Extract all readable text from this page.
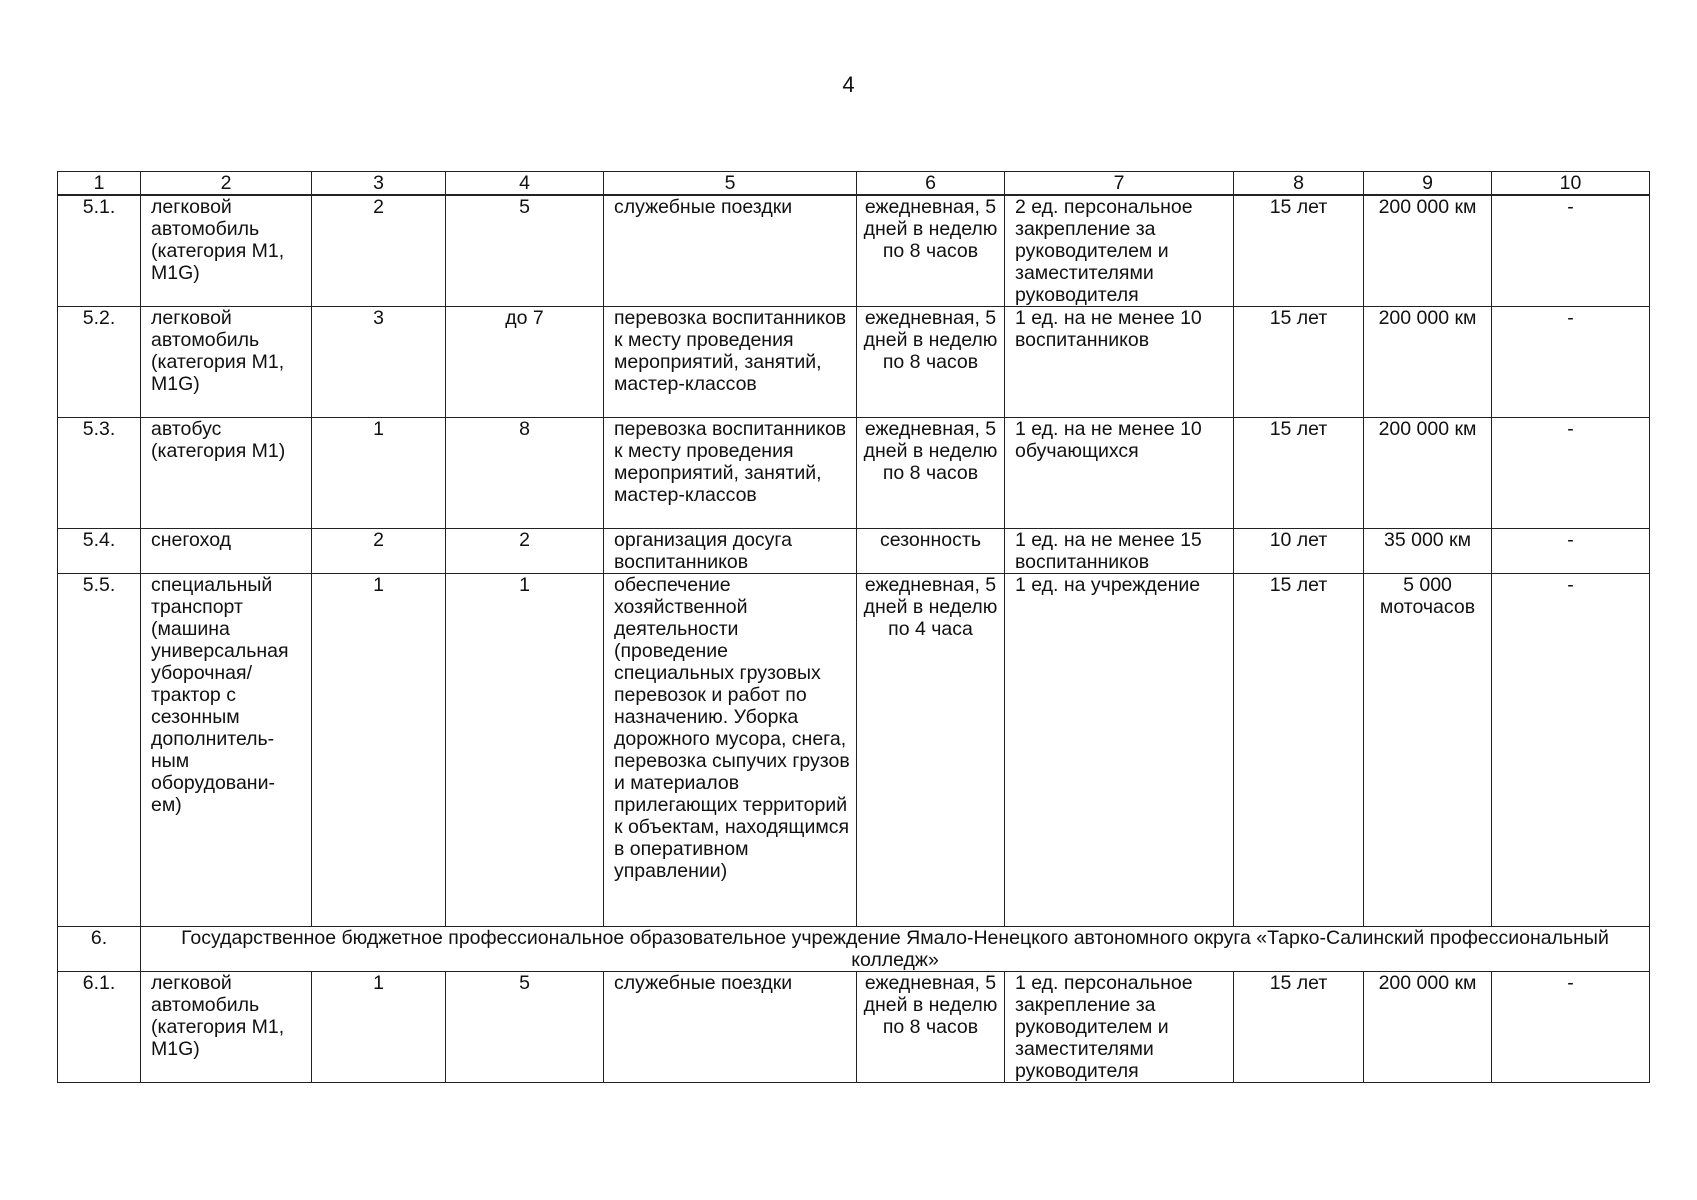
4
1	2	3	4	5	6	7	8	9	10
5.1.	легковой автомобиль (категория M1, M1G)	2	5	служебные поездки	ежедневная, 5 дней в неделю по 8 часов	2 ед. персональное закрепление за руководителем и заместителями руководителя	15 лет	200 000 км	-
5.2.	легковой автомобиль (категория M1, M1G)	3	до 7	перевозка воспитанников к месту проведения мероприятий, занятий, мастер-классов	ежедневная, 5 дней в неделю по 8 часов	1 ед. на не менее 10 воспитанников	15 лет	200 000 км	-
5.3.	автобус (категория M1)	1	8	перевозка воспитанников к месту проведения мероприятий, занятий, мастер-классов	ежедневная, 5 дней в неделю по 8 часов	1 ед. на не менее 10 обучающихся	15 лет	200 000 км	-
5.4.	снегоход	2	2	организация досуга воспитанников	сезонность	1 ед. на не менее 15 воспитанников	10 лет	35 000 км	-
5.5.	специальный транспорт (машина универсальная уборочная/ трактор с сезонным дополнитель-ным оборудовани-ем)	1	1	обеспечение хозяйственной деятельности (проведение специальных грузовых перевозок и работ по назначению. Уборка дорожного мусора, снега, перевозка сыпучих грузов и материалов прилегающих территорий к объектам, находящимся в оперативном управлении)	ежедневная, 5 дней в неделю по 4 часа	1 ед. на учреждение	15 лет	5 000 моточасов	-
6.	Государственное бюджетное профессиональное образовательное учреждение Ямало-Ненецкого автономного округа «Тарко-Салинский профессиональный колледж»								
6.1.	легковой автомобиль (категория M1, M1G)	1	5	служебные поездки	ежедневная, 5 дней в неделю по 8 часов	1 ед. персональное закрепление за руководителем и заместителями руководителя	15 лет	200 000 км	-
